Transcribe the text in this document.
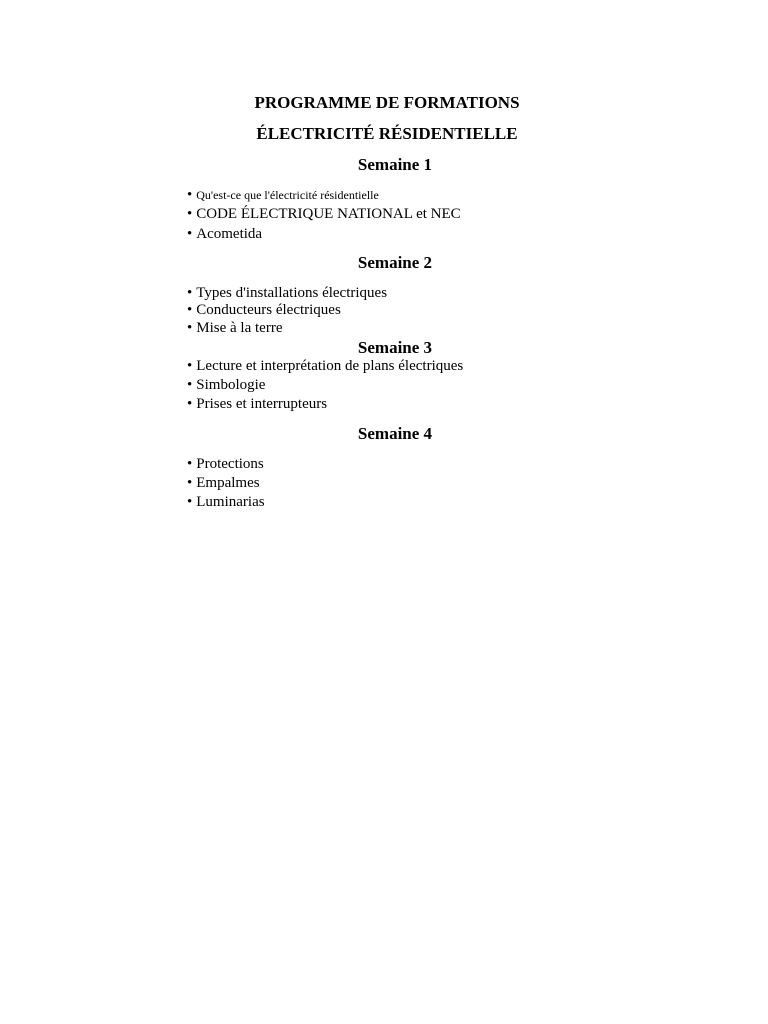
PROGRAMME DE FORMATIONS
ÉLECTRICITÉ RÉSIDENTIELLE
Semaine 1
• Qu'est-ce que l'électricité résidentielle
• CODE ÉLECTRIQUE NATIONAL et NEC
• Acometida
Semaine 2
• Types d'installations électriques
• Conducteurs électriques
• Mise à la terre
Semaine 3
• Lecture et interprétation de plans électriques
• Simbologie
• Prises et interrupteurs
Semaine 4
• Protections
• Empalmes
• Luminarias
